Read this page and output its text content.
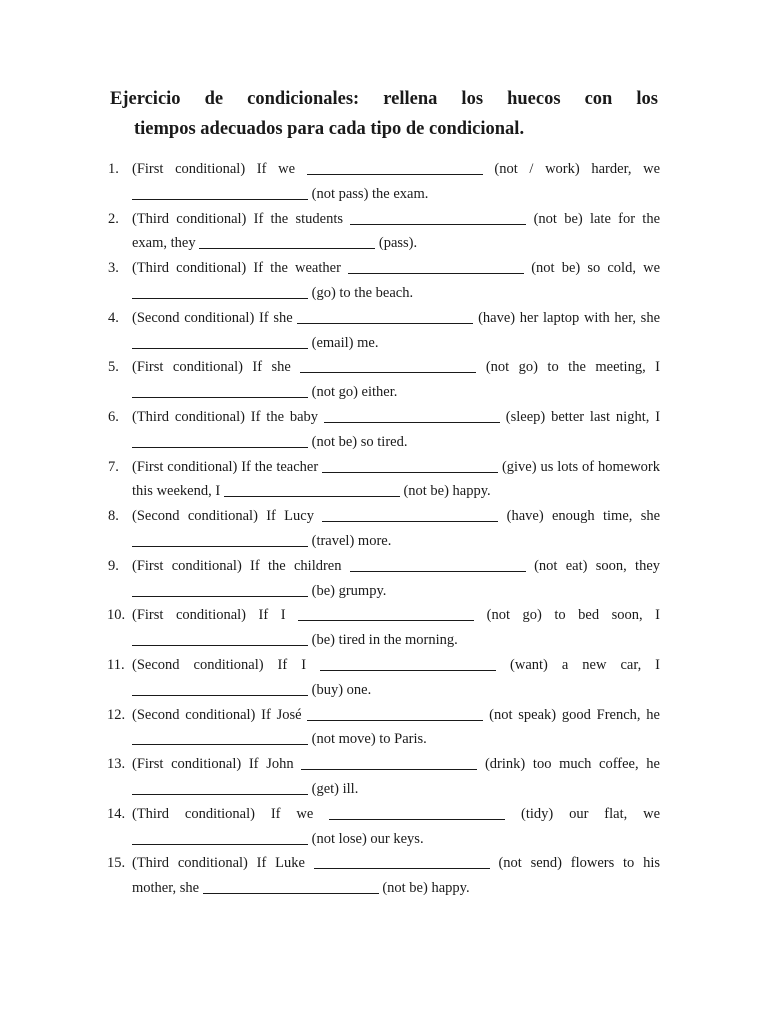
Ejercicio de condicionales: rellena los huecos con los
tiempos adecuados para cada tipo de condicional.
1. (First conditional) If we	(not / work) harder, we  (not pass) the exam.
2. (Third conditional) If the students	(not be) late for the exam, they	(pass).
3. (Third conditional) If the weather	(not be) so cold, we  (go) to the beach.
4. (Second conditional) If she	(have) her laptop with her, she  (email) me.
5. (First conditional) If she	(not go) to the meeting, I  (not go) either.
6. (Third conditional) If the baby	(sleep) better last night, I  (not be) so tired.
7. (First conditional) If the teacher	(give) us lots of homework this weekend, I	(not be) happy.
8. (Second conditional) If Lucy	(have) enough time, she  (travel) more.
9. (First conditional) If the children	(not eat) soon, they  (be) grumpy.
10. (First conditional) If I	(not go) to bed soon, I  (be) tired in the morning.
11. (Second conditional) If I	(want) a new car, I  (buy) one.
12. (Second conditional) If José	(not speak) good French, he  (not move) to Paris.
13. (First conditional) If John	(drink) too much coffee, he  (get) ill.
14. (Third conditional) If we	(tidy) our flat, we  (not lose) our keys.
15. (Third conditional) If Luke	(not send) flowers to his mother, she	(not be) happy.
